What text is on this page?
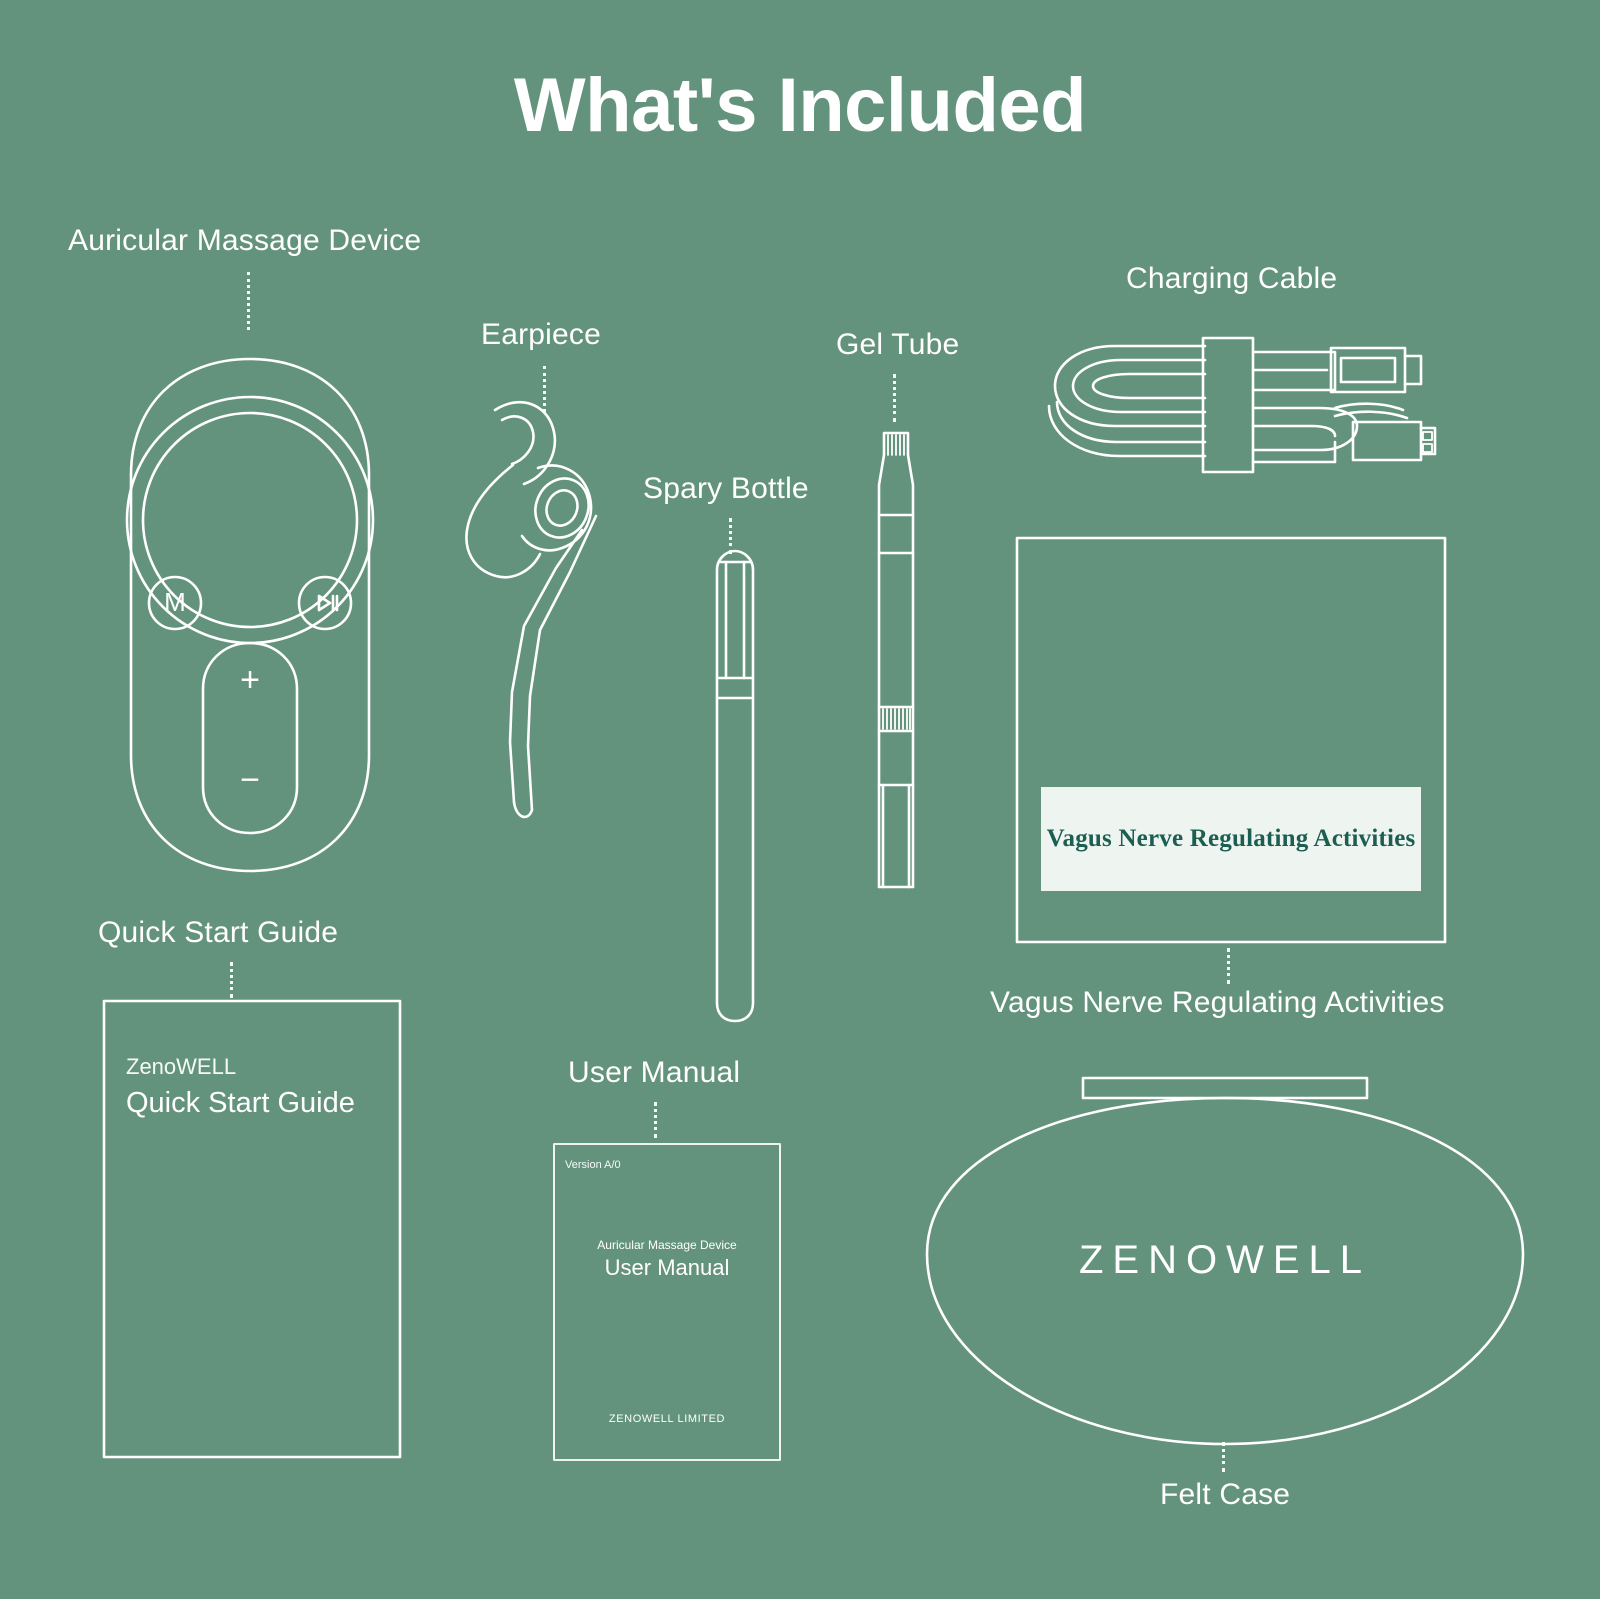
What's Included
Auricular Massage Device
M
+
−
Earpiece
Spary Bottle
Gel Tube
Charging Cable
Vagus Nerve Regulating Activities
Vagus Nerve Regulating Activities
Quick Start Guide
ZenoWELL
Quick Start Guide
User Manual
Version A/0
Auricular Massage Device
User Manual
ZENOWELL LIMITED
ZENOWELL
Felt Case
